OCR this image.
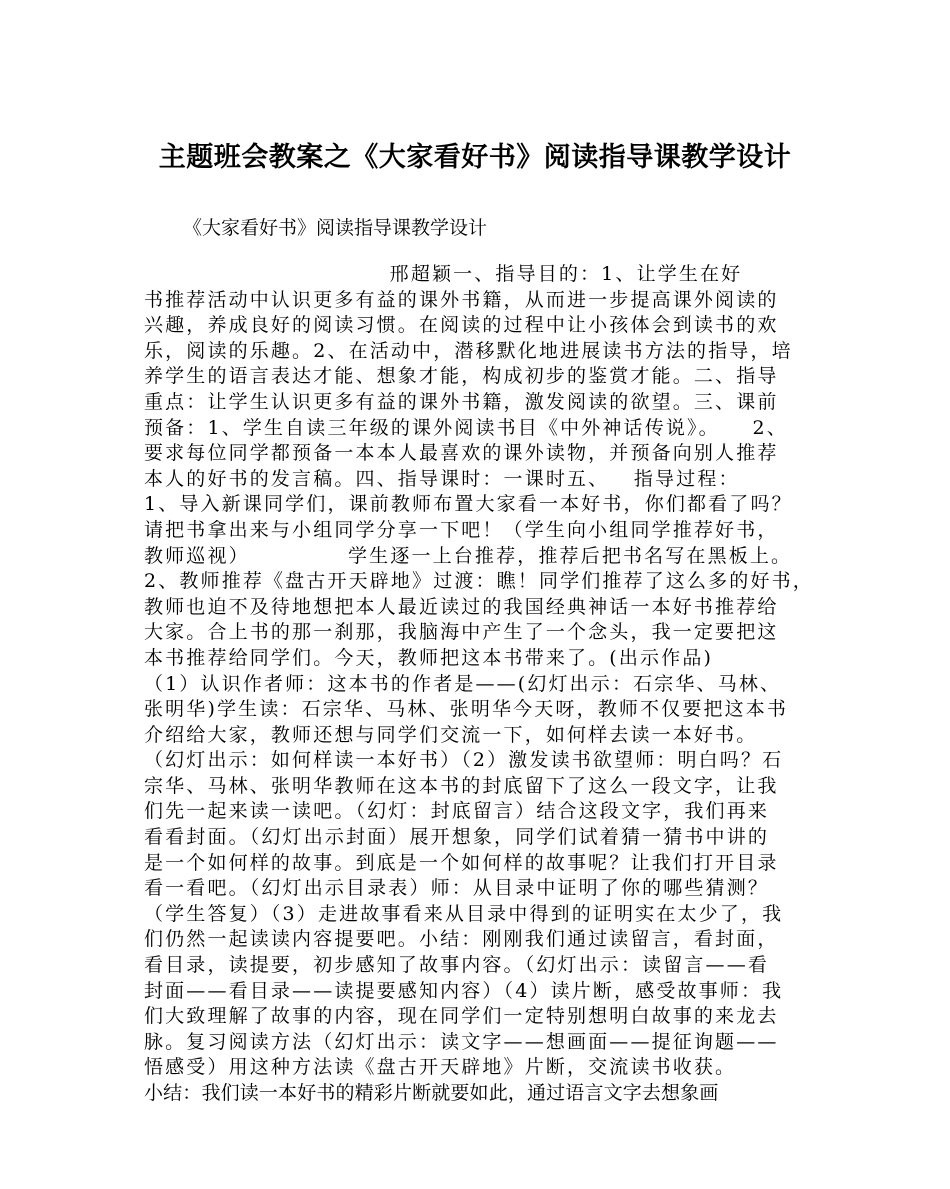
主题班会教案之《大家看好书》阅读指导课教学设计
《大家看好书》阅读指导课教学设计
邢超颖一、指导目的：1、让学生在好
书推荐活动中认识更多有益的课外书籍，从而进一步提高课外阅读的
兴趣，养成良好的阅读习惯。在阅读的过程中让小孩体会到读书的欢
乐，阅读的乐趣。2、在活动中，潜移默化地进展读书方法的指导，培
养学生的语言表达才能、想象才能，构成初步的鉴赏才能。二、指导
重点：让学生认识更多有益的课外书籍，激发阅读的欲望。三、课前
预备：1、学生自读三年级的课外阅读书目《中外神话传说》。    2、
要求每位同学都预备一本本人最喜欢的课外读物，并预备向别人推荐
本人的好书的发言稿。四、指导课时：一课时五、   指导过程：
1、导入新课同学们，课前教师布置大家看一本好书，你们都看了吗？
请把书拿出来与小组同学分享一下吧！（学生向小组同学推荐好书，
教师巡视）            学生逐一上台推荐，推荐后把书名写在黑板上。
2、教师推荐《盘古开天辟地》过渡：瞧！同学们推荐了这么多的好书，
教师也迫不及待地想把本人最近读过的我国经典神话一本好书推荐给
大家。合上书的那一刹那，我脑海中产生了一个念头，我一定要把这
本书推荐给同学们。今天，教师把这本书带来了。(出示作品)
（1）认识作者师：这本书的作者是——(幻灯出示：石宗华、马林、
张明华)学生读：石宗华、马林、张明华今天呀，教师不仅要把这本书
介绍给大家，教师还想与同学们交流一下，如何样去读一本好书。
（幻灯出示：如何样读一本好书）（2）激发读书欲望师：明白吗？石
宗华、马林、张明华教师在这本书的封底留下了这么一段文字，让我
们先一起来读一读吧。（幻灯：封底留言）结合这段文字，我们再来
看看封面。（幻灯出示封面）展开想象，同学们试着猜一猜书中讲的
是一个如何样的故事。到底是一个如何样的故事呢？让我们打开目录
看一看吧。（幻灯出示目录表）师：从目录中证明了你的哪些猜测？
（学生答复）（3）走进故事看来从目录中得到的证明实在太少了，我
们仍然一起读读内容提要吧。小结：刚刚我们通过读留言，看封面，
看目录，读提要，初步感知了故事内容。（幻灯出示：读留言——看
封面——看目录——读提要感知内容）（4）读片断，感受故事师：我
们大致理解了故事的内容，现在同学们一定特别想明白故事的来龙去
脉。复习阅读方法（幻灯出示：读文字——想画面——提征询题——
悟感受）用这种方法读《盘古开天辟地》片断，交流读书收获。
小结：我们读一本好书的精彩片断就要如此，通过语言文字去想象画
